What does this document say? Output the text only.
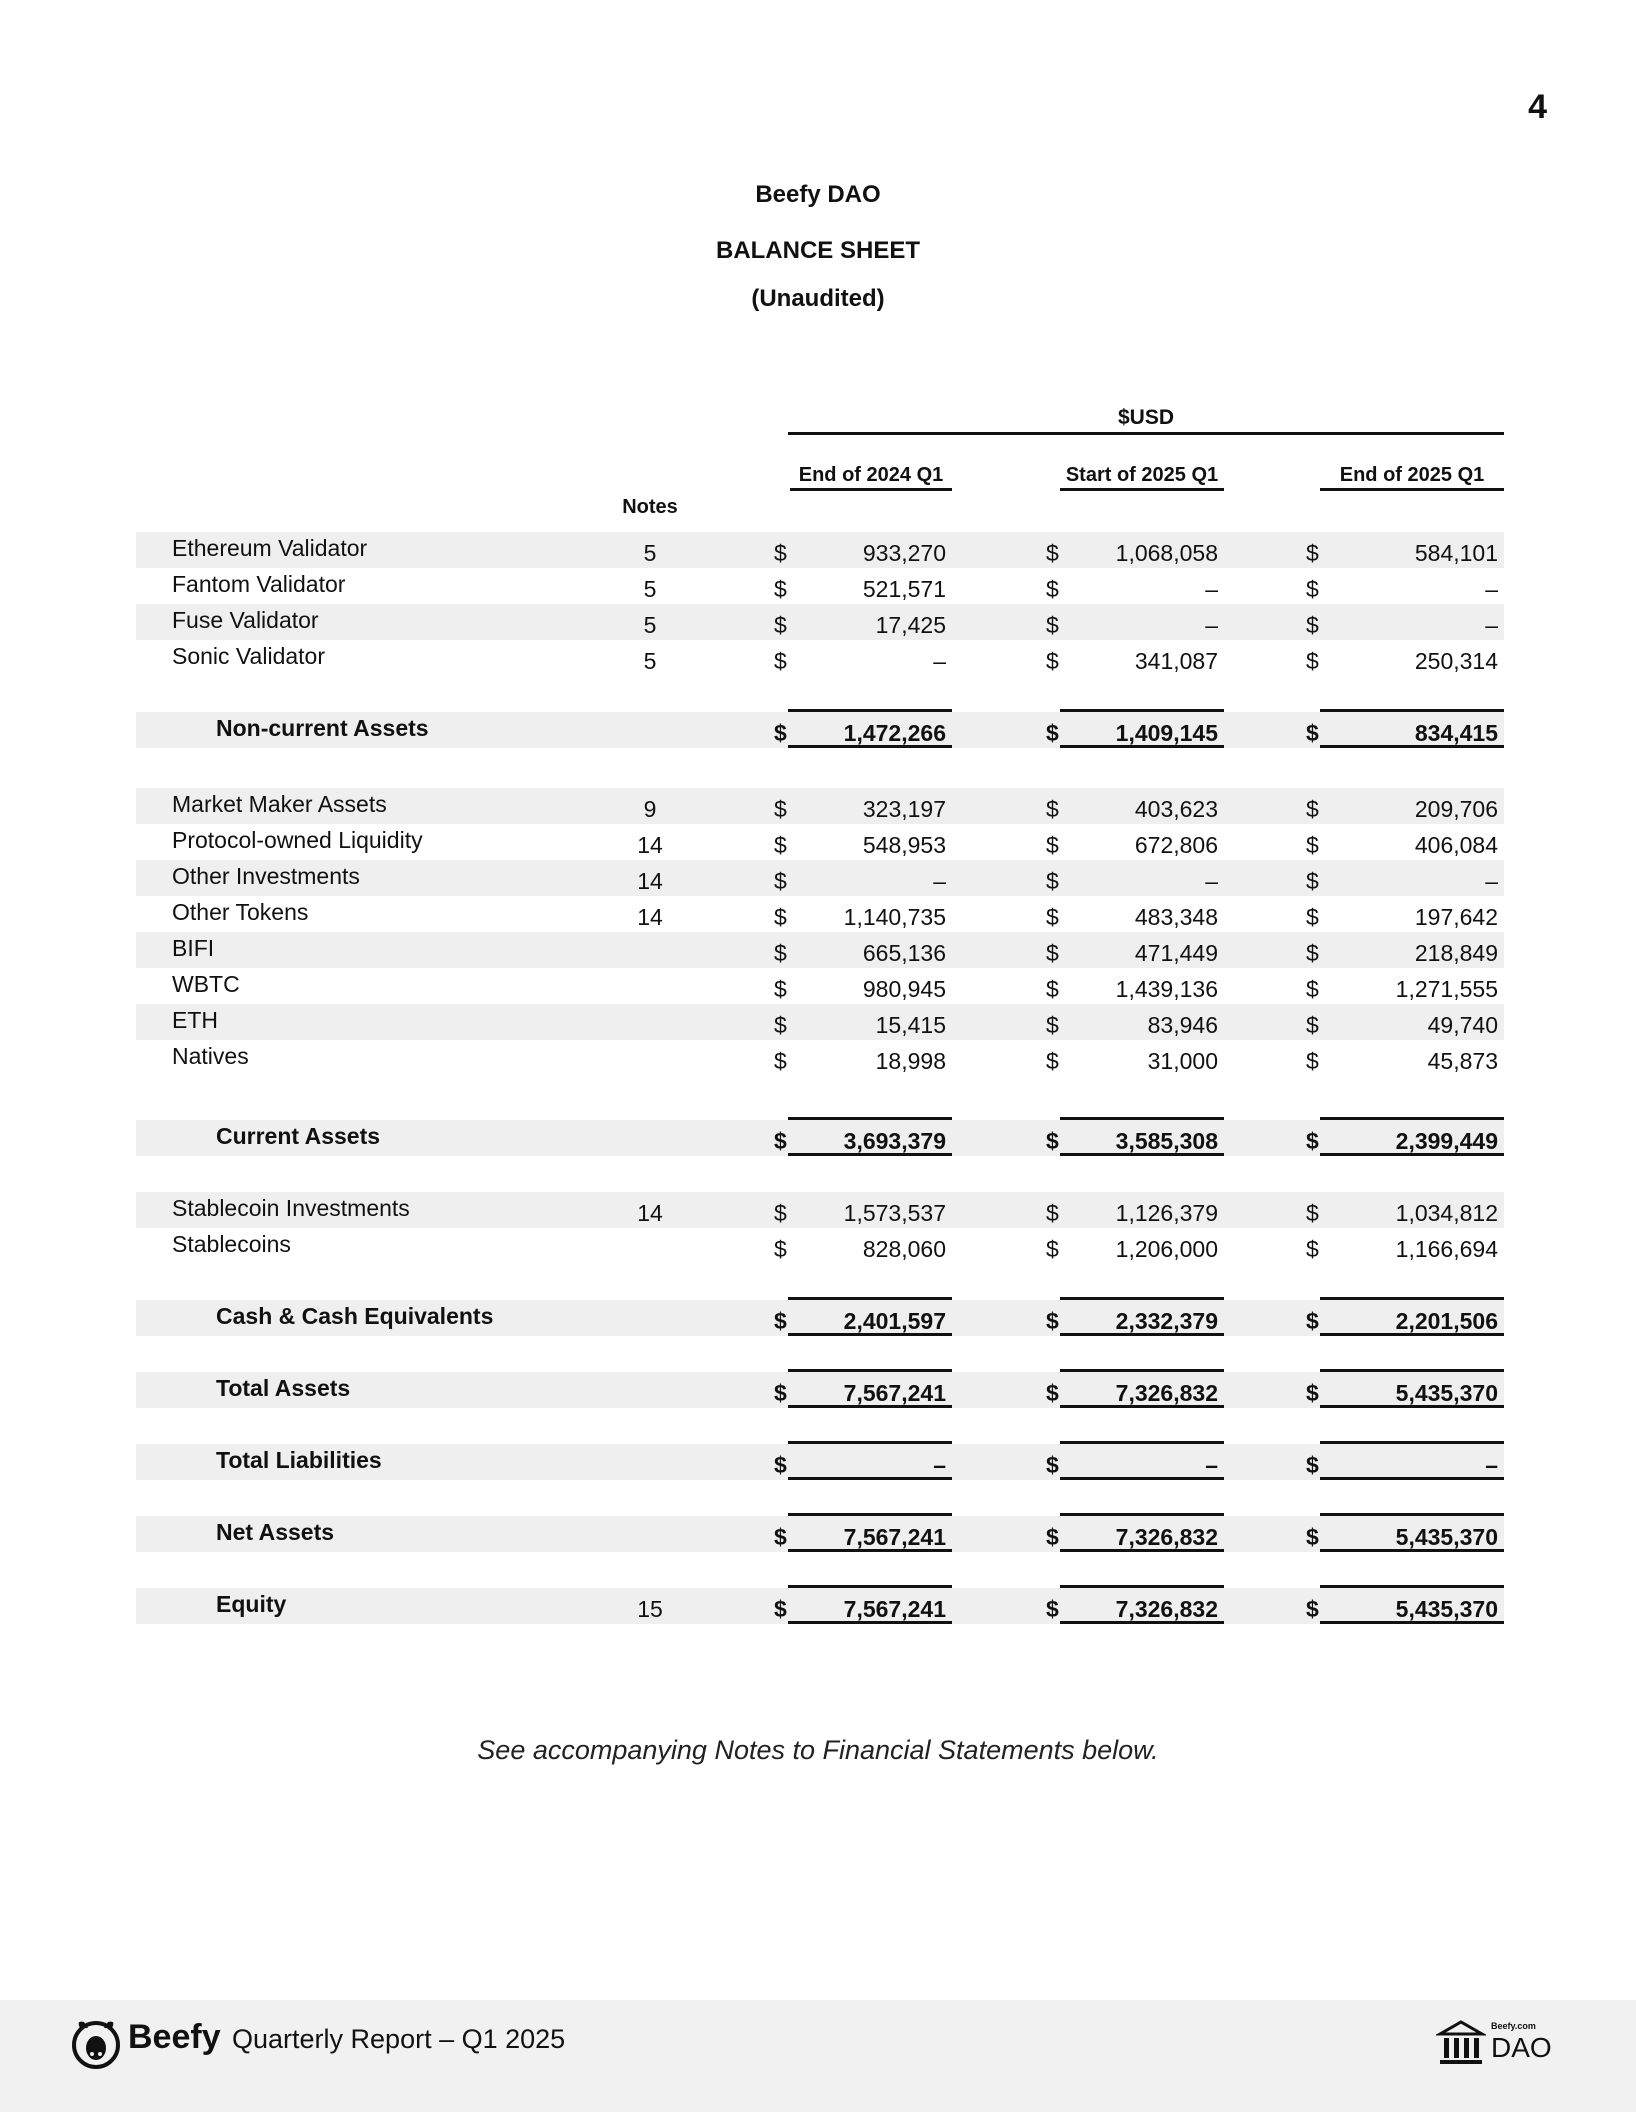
4
Beefy DAO
BALANCE SHEET
(Unaudited)
$USD
End of 2024 Q1	Start of 2025 Q1	End of 2025 Q1
Notes
Ethereum Validator	5	$	933,270	$	1,068,058	$	584,101
Fantom Validator	5	$	521,571	$	–	$	–
Fuse Validator	5	$	17,425	$	–	$	–
Sonic Validator	5	$	–	$	341,087	$	250,314
Non-current Assets	$	1,472,266	$	1,409,145	$	834,415
Market Maker Assets	9	$	323,197	$	403,623	$	209,706
Protocol-owned Liquidity	14	$	548,953	$	672,806	$	406,084
Other Investments	14	$	–	$	–	$	–
Other Tokens	14	$	1,140,735	$	483,348	$	197,642
BIFI	$	665,136	$	471,449	$	218,849
WBTC	$	980,945	$	1,439,136	$	1,271,555
ETH	$	15,415	$	83,946	$	49,740
Natives	$	18,998	$	31,000	$	45,873
Current Assets	$	3,693,379	$	3,585,308	$	2,399,449
Stablecoin Investments	14	$	1,573,537	$	1,126,379	$	1,034,812
Stablecoins	$	828,060	$	1,206,000	$	1,166,694
Cash & Cash Equivalents	$	2,401,597	$	2,332,379	$	2,201,506
Total Assets	$	7,567,241	$	7,326,832	$	5,435,370
Total Liabilities	$	–	$	–	$	–
Net Assets	$	7,567,241	$	7,326,832	$	5,435,370
Equity	15	$	7,567,241	$	7,326,832	$	5,435,370
See accompanying Notes to Financial Statements below.
Beefy Quarterly Report – Q1 2025	Beefy.com
DAO
